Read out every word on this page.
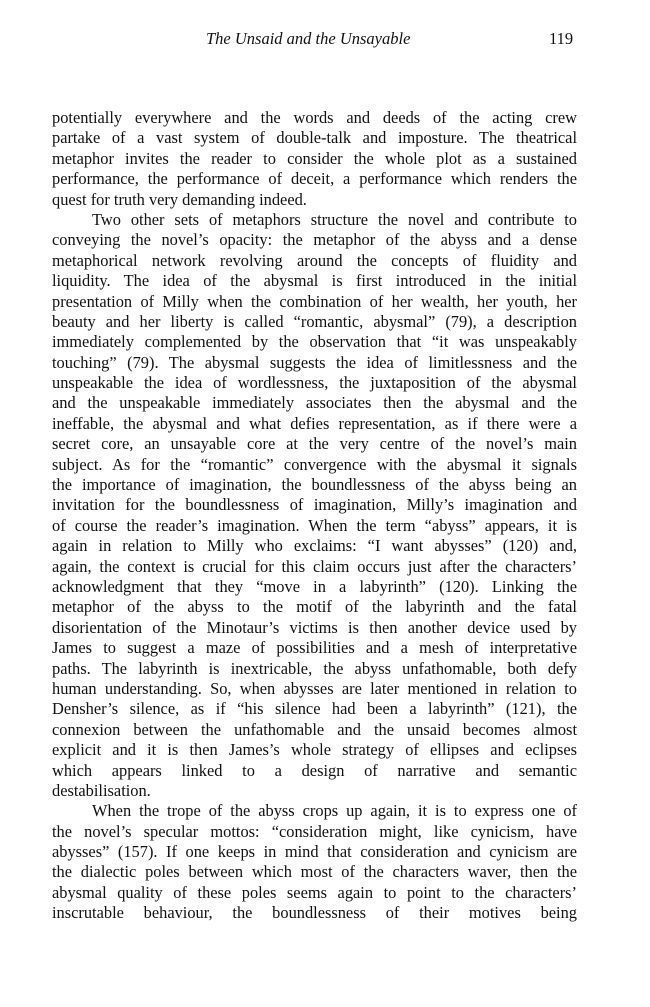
The Unsaid and the Unsayable	119
potentially everywhere and the words and deeds of the acting crew
partake of a vast system of double-talk and imposture. The theatrical
metaphor invites the reader to consider the whole plot as a sustained
performance, the performance of deceit, a performance which renders the
quest for truth very demanding indeed.
Two other sets of metaphors structure the novel and contribute to
conveying the novel’s opacity: the metaphor of the abyss and a dense
metaphorical network revolving around the concepts of fluidity and
liquidity. The idea of the abysmal is first introduced in the initial
presentation of Milly when the combination of her wealth, her youth, her
beauty and her liberty is called “romantic, abysmal” (79), a description
immediately complemented by the observation that “it was unspeakably
touching” (79). The abysmal suggests the idea of limitlessness and the
unspeakable the idea of wordlessness, the juxtaposition of the abysmal
and the unspeakable immediately associates then the abysmal and the
ineffable, the abysmal and what defies representation, as if there were a
secret core, an unsayable core at the very centre of the novel’s main
subject. As for the “romantic” convergence with the abysmal it signals
the importance of imagination, the boundlessness of the abyss being an
invitation for the boundlessness of imagination, Milly’s imagination and
of course the reader’s imagination. When the term “abyss” appears, it is
again in relation to Milly who exclaims: “I want abysses” (120) and,
again, the context is crucial for this claim occurs just after the characters’
acknowledgment that they “move in a labyrinth” (120). Linking the
metaphor of the abyss to the motif of the labyrinth and the fatal
disorientation of the Minotaur’s victims is then another device used by
James to suggest a maze of possibilities and a mesh of interpretative
paths. The labyrinth is inextricable, the abyss unfathomable, both defy
human understanding. So, when abysses are later mentioned in relation to
Densher’s silence, as if “his silence had been a labyrinth” (121), the
connexion between the unfathomable and the unsaid becomes almost
explicit and it is then James’s whole strategy of ellipses and eclipses
which appears linked to a design of narrative and semantic
destabilisation.
When the trope of the abyss crops up again, it is to express one of
the novel’s specular mottos: “consideration might, like cynicism, have
abysses” (157). If one keeps in mind that consideration and cynicism are
the dialectic poles between which most of the characters waver, then the
abysmal quality of these poles seems again to point to the characters’
inscrutable behaviour, the boundlessness of their motives being
